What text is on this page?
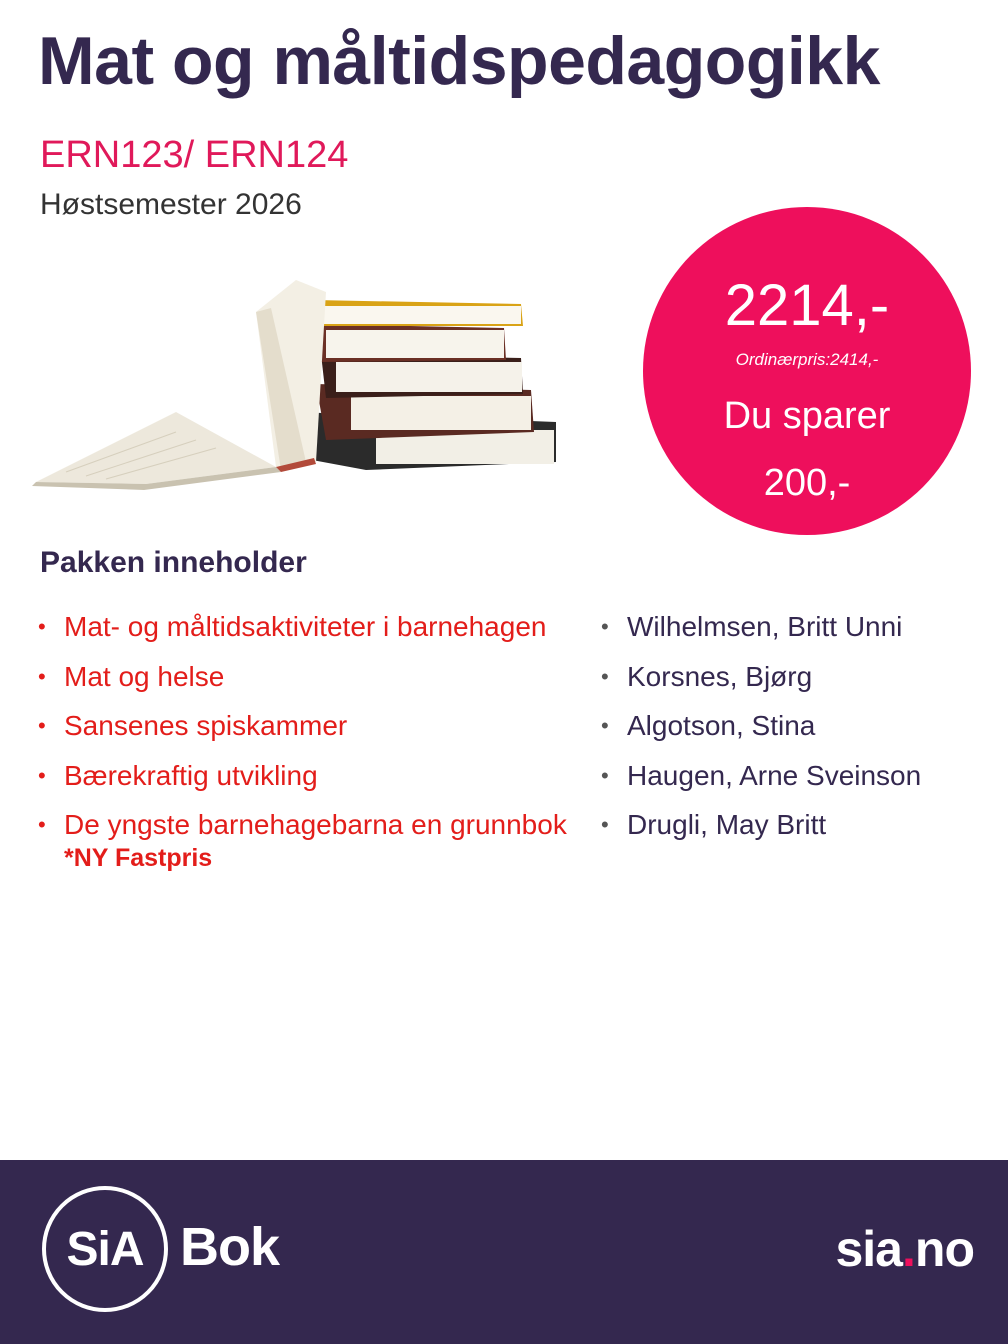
Mat og måltidspedagogikk
ERN123/ ERN124
Høstsemester 2026
2214,-
Ordinærpris:2414,-
Du sparer
200,-
Pakken inneholder
• Mat- og måltidsaktiviteter i barnehagen
• Mat og helse
• Sansenes spiskammer
• Bærekraftig utvikling
• De yngste barnehagebarna en grunnbok
*NY Fastpris
• Wilhelmsen, Britt Unni
• Korsnes, Bjørg
• Algotson, Stina
• Haugen, Arne Sveinson
• Drugli, May Britt
SiA Bok	sia.no
